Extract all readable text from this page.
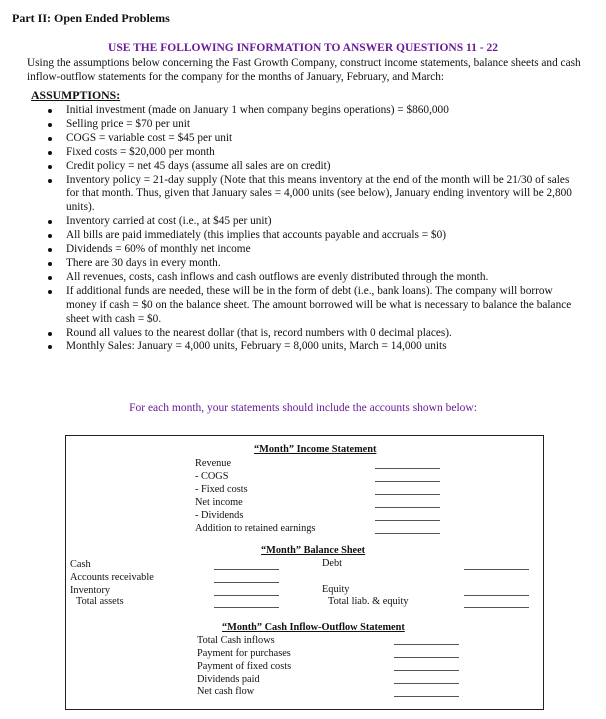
Part II: Open Ended Problems
USE THE FOLLOWING INFORMATION TO ANSWER QUESTIONS 11 - 22
Using the assumptions below concerning the Fast Growth Company, construct income statements, balance sheets and cash inflow-outflow statements for the company for the months of January, February, and March:
ASSUMPTIONS:
Initial investment (made on January 1 when company begins operations) = $860,000
Selling price = $70 per unit
COGS = variable cost = $45 per unit
Fixed costs = $20,000 per month
Credit policy = net 45 days (assume all sales are on credit)
Inventory policy = 21-day supply (Note that this means inventory at the end of the month will be 21/30 of sales for that month. Thus, given that January sales = 4,000 units (see below), January ending inventory will be 2,800 units).
Inventory carried at cost (i.e., at $45 per unit)
All bills are paid immediately (this implies that accounts payable and accruals = $0)
Dividends = 60% of monthly net income
There are 30 days in every month.
All revenues, costs, cash inflows and cash outflows are evenly distributed through the month.
If additional funds are needed, these will be in the form of debt (i.e., bank loans). The company will borrow money if cash = $0 on the balance sheet. The amount borrowed will be what is necessary to balance the balance sheet with cash = $0.
Round all values to the nearest dollar (that is, record numbers with 0 decimal places).
Monthly Sales: January = 4,000 units, February = 8,000 units, March = 14,000 units
For each month, your statements should include the accounts shown below:
“Month” Income Statement
Revenue
- COGS
- Fixed costs
Net income
- Dividends
Addition to retained earnings
“Month” Balance Sheet
Cash
Accounts receivable
Inventory
Total assets
Debt
Equity
Total liab. & equity
“Month” Cash Inflow-Outflow Statement
Total Cash inflows
Payment for purchases
Payment of fixed costs
Dividends paid
Net cash flow
